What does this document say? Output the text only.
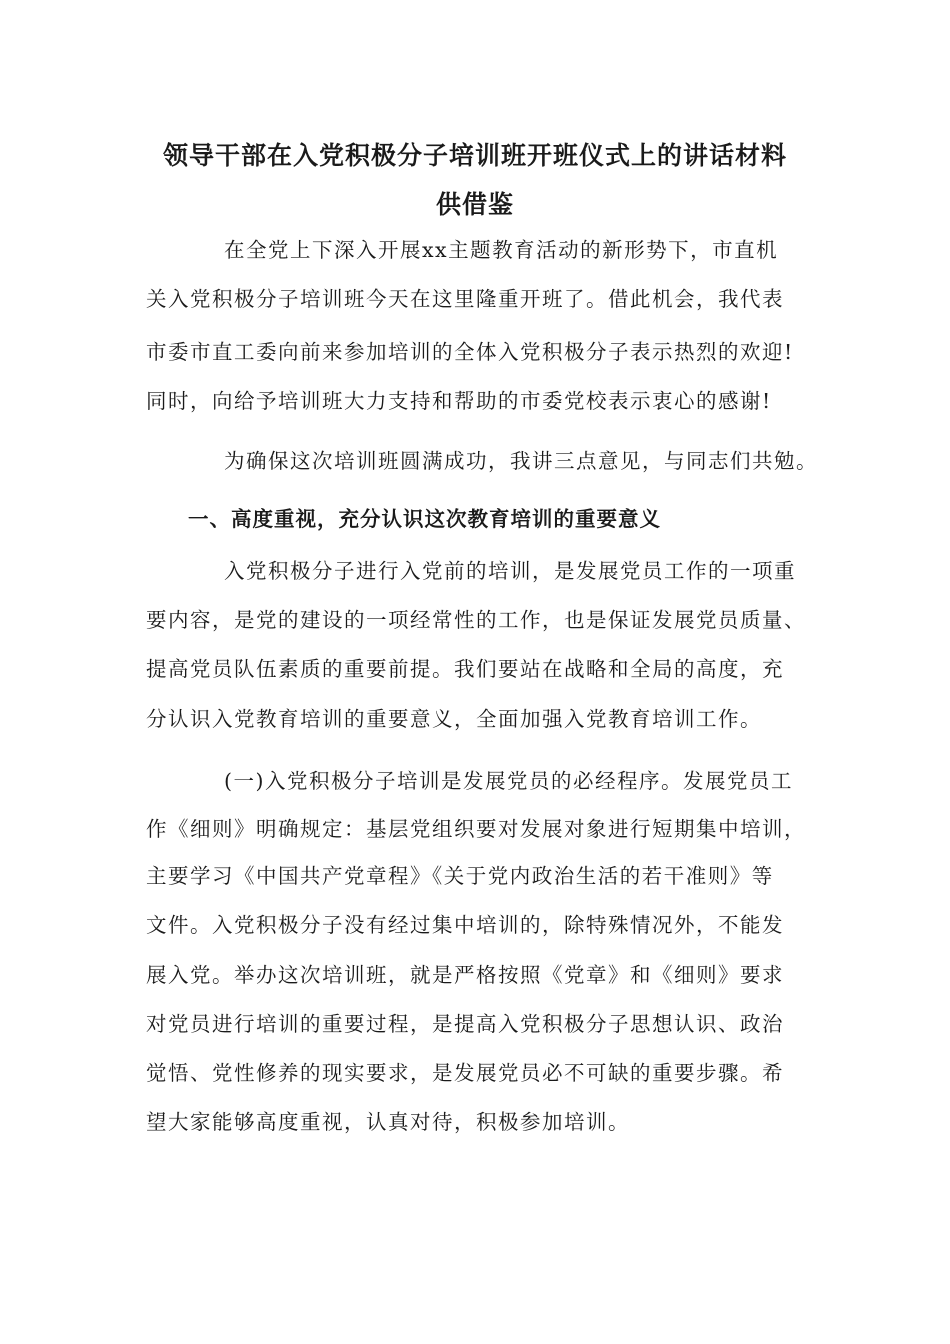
领导干部在入党积极分子培训班开班仪式上的讲话材料
供借鉴
在全党上下深入开展xx主题教育活动的新形势下，市直机
关入党积极分子培训班今天在这里隆重开班了。借此机会，我代表
市委市直工委向前来参加培训的全体入党积极分子表示热烈的欢迎!
同时，向给予培训班大力支持和帮助的市委党校表示衷心的感谢!
为确保这次培训班圆满成功，我讲三点意见，与同志们共勉。
一、高度重视，充分认识这次教育培训的重要意义
入党积极分子进行入党前的培训，是发展党员工作的一项重
要内容，是党的建设的一项经常性的工作，也是保证发展党员质量、
提高党员队伍素质的重要前提。我们要站在战略和全局的高度，充
分认识入党教育培训的重要意义，全面加强入党教育培训工作。
(一)入党积极分子培训是发展党员的必经程序。发展党员工
作《细则》明确规定：基层党组织要对发展对象进行短期集中培训，
主要学习《中国共产党章程》《关于党内政治生活的若干准则》等
文件。入党积极分子没有经过集中培训的，除特殊情况外，不能发
展入党。举办这次培训班，就是严格按照《党章》和《细则》要求
对党员进行培训的重要过程，是提高入党积极分子思想认识、政治
觉悟、党性修养的现实要求，是发展党员必不可缺的重要步骤。希
望大家能够高度重视，认真对待，积极参加培训。
